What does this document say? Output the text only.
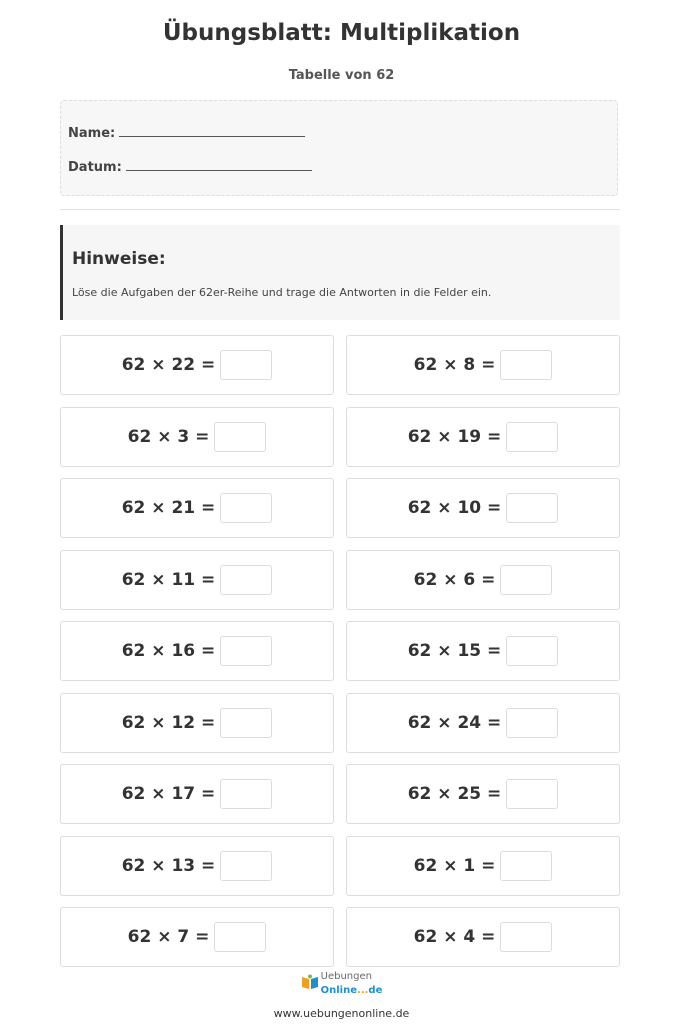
Übungsblatt: Multiplikation
Tabelle von 62
Name:
Datum:
Hinweise:
Löse die Aufgaben der 62er-Reihe und trage die Antworten in die Felder ein.
62 × 22 =	62 × 8 =
62 × 3 =	62 × 19 =
62 × 21 =	62 × 10 =
62 × 11 =	62 × 6 =
62 × 16 =	62 × 15 =
62 × 12 =	62 × 24 =
62 × 17 =	62 × 25 =
62 × 13 =	62 × 1 =
62 × 7 =	62 × 4 =
Uebungen
Online...de
www.uebungenonline.de
